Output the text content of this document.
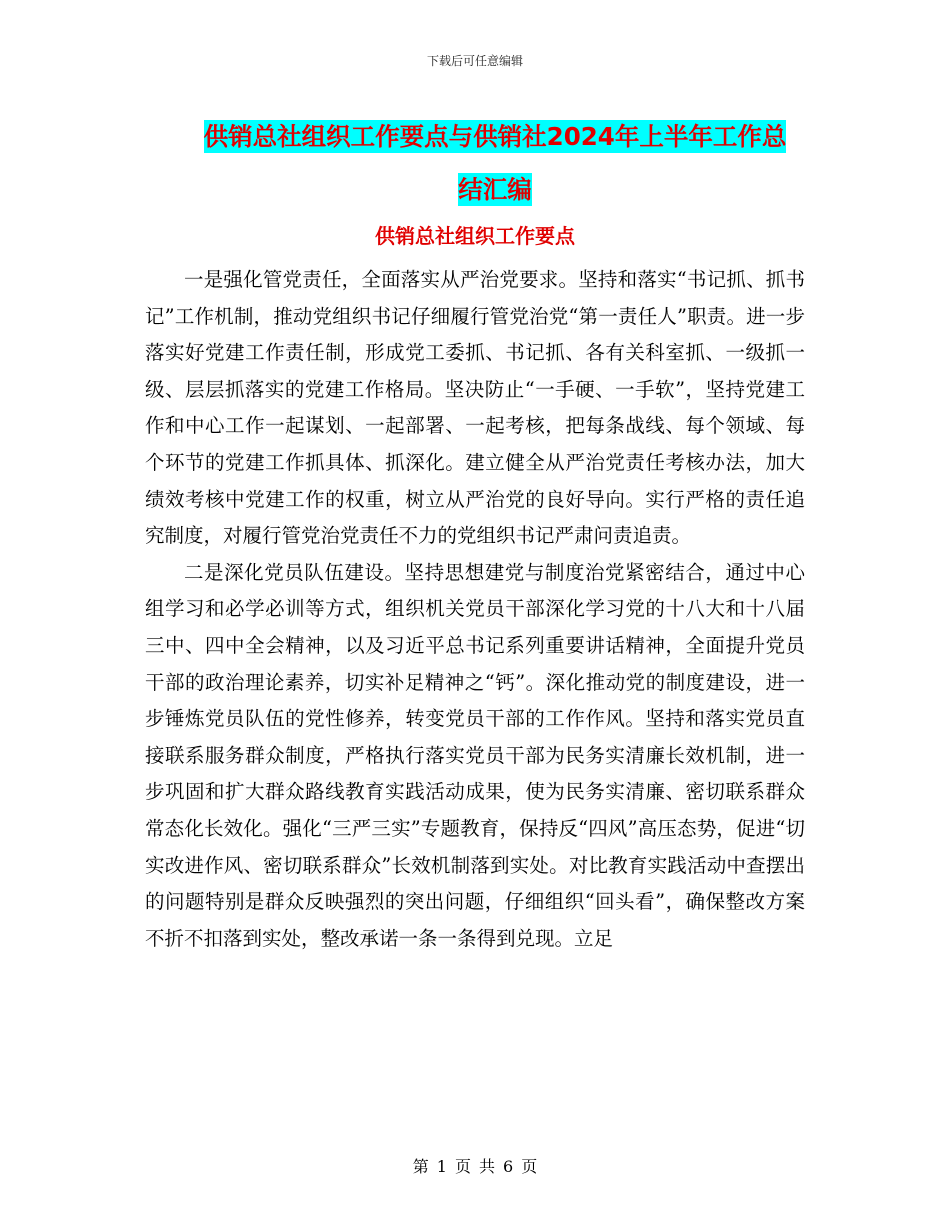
下载后可任意编辑
供销总社组织工作要点与供销社2024年上半年工作总
结汇编
供销总社组织工作要点

一是强化管党责任，全面落实从严治党要求。坚持和落实“书记抓、抓书记”工作机制，推动党组织书记仔细履行管党治党“第一责任人”职责。进一步落实好党建工作责任制，形成党工委抓、书记抓、各有关科室抓、一级抓一级、层层抓落实的党建工作格局。坚决防止“一手硬、一手软”，坚持党建工作和中心工作一起谋划、一起部署、一起考核，把每条战线、每个领域、每个环节的党建工作抓具体、抓深化。建立健全从严治党责任考核办法，加大绩效考核中党建工作的权重，树立从严治党的良好导向。实行严格的责任追究制度，对履行管党治党责任不力的党组织书记严肃问责追责。

二是深化党员队伍建设。坚持思想建党与制度治党紧密结合，通过中心组学习和必学必训等方式，组织机关党员干部深化学习党的十八大和十八届三中、四中全会精神，以及习近平总书记系列重要讲话精神，全面提升党员干部的政治理论素养，切实补足精神之“钙”。深化推动党的制度建设，进一步锤炼党员队伍的党性修养，转变党员干部的工作作风。坚持和落实党员直接联系服务群众制度，严格执行落实党员干部为民务实清廉长效机制，进一步巩固和扩大群众路线教育实践活动成果，使为民务实清廉、密切联系群众常态化长效化。强化“三严三实”专题教育，保持反“四风”高压态势，促进“切实改进作风、密切联系群众”长效机制落到实处。对比教育实践活动中查摆出的问题特别是群众反映强烈的突出问题，仔细组织“回头看”，确保整改方案不折不扣落到实处，整改承诺一条一条得到兑现。立足

第 1 页 共 6 页
